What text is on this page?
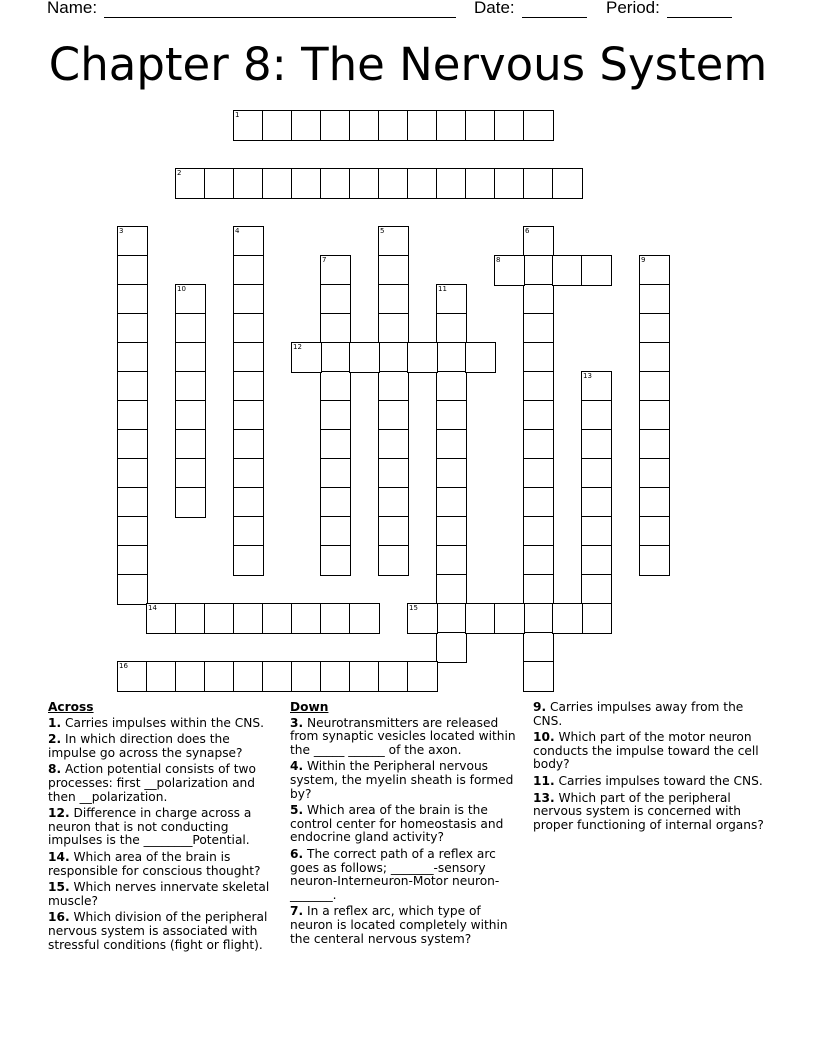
Name:	Date:	Period:
Chapter 8: The Nervous System
1
2
3	4	5	6
7	8	9
10	11
12
13
14	15
16
Across
1. Carries impulses within the CNS.
2. In which direction does the impulse go across the synapse?
8. Action potential consists of two processes: first __polarization and then __polarization.
12. Difference in charge across a neuron that is not conducting impulses is the ________Potential.
14. Which area of the brain is responsible for conscious thought?
15. Which nerves innervate skeletal muscle?
16. Which division of the peripheral nervous system is associated with stressful conditions (fight or flight).
Down
3. Neurotransmitters are released from synaptic vesicles located within the _____ ______ of the axon.
4. Within the Peripheral nervous system, the myelin sheath is formed by?
5. Which area of the brain is the control center for homeostasis and endocrine gland activity?
6. The correct path of a reflex arc goes as follows; _______-sensory neuron-Interneuron-Motor neuron-_______.
7. In a reflex arc, which type of neuron is located completely within the centeral nervous system?
9. Carries impulses away from the CNS.
10. Which part of the motor neuron conducts the impulse toward the cell body?
11. Carries impulses toward the CNS.
13. Which part of the peripheral nervous system is concerned with proper functioning of internal organs?
